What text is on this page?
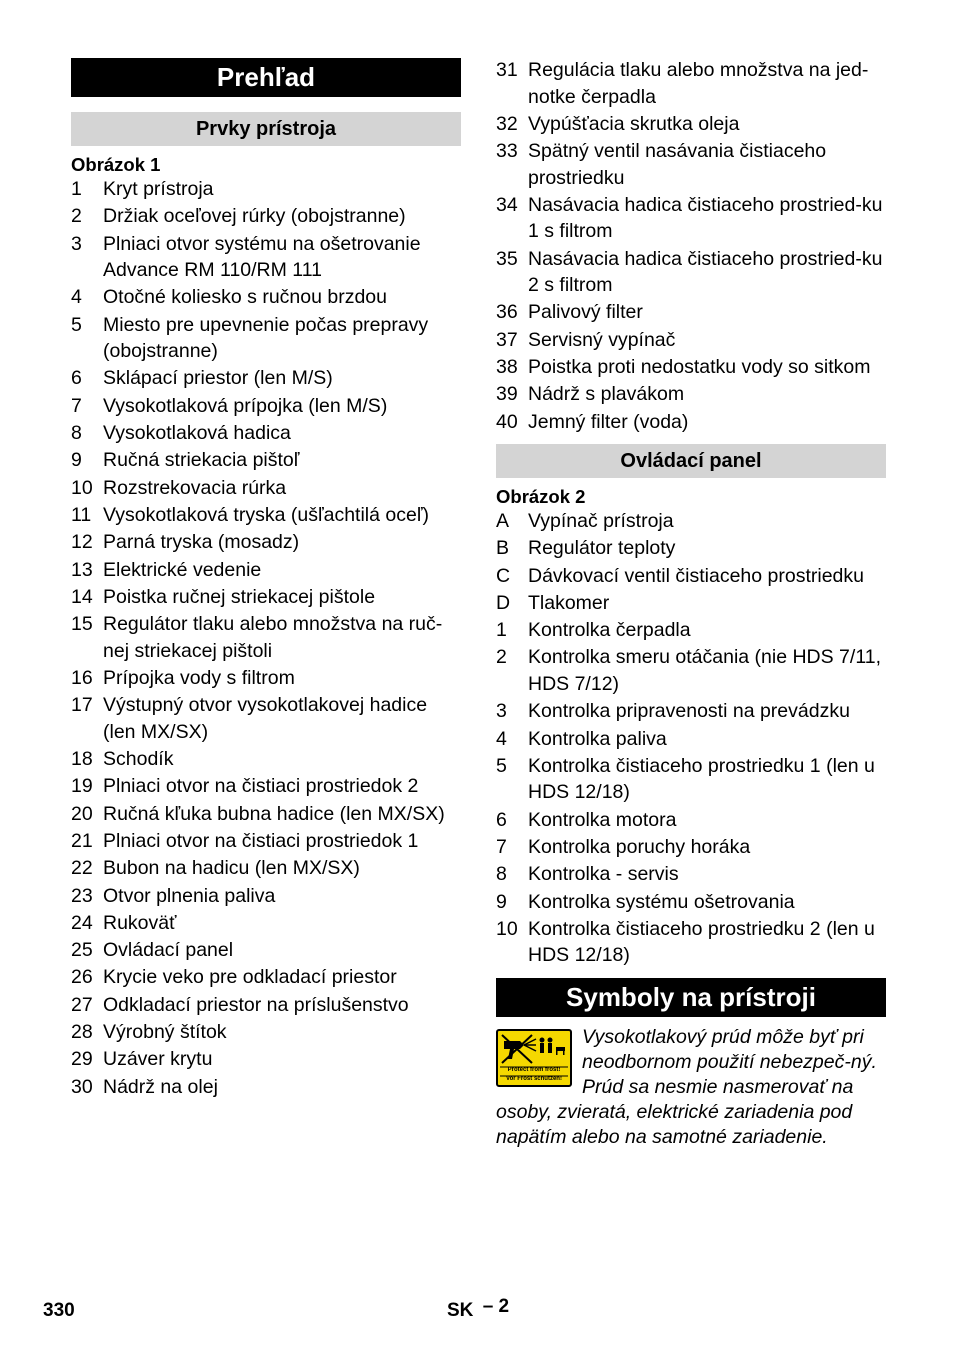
Prehľad
Prvky prístroja
Obrázok 1
1	Kryt prístroja
2	Držiak oceľovej rúrky (obojstranne)
3	Plniaci otvor systému na ošetrovanie Advance RM 110/RM 111
4	Otočné koliesko s ručnou brzdou
5	Miesto pre upevnenie počas prepravy (obojstranne)
6	Sklápací priestor (len M/S)
7	Vysokotlaková prípojka (len M/S)
8	Vysokotlaková hadica
9	Ručná striekacia pištoľ
10 Rozstrekovacia rúrka
11 Vysokotlaková tryska (ušľachtilá oceľ)
12 Parná tryska (mosadz)
13 Elektrické vedenie
14 Poistka ručnej striekacej pištole
15 Regulátor tlaku alebo množstva na ruč-nej striekacej pištoli
16 Prípojka vody s filtrom
17 Výstupný otvor vysokotlakovej hadice (len MX/SX)
18 Schodík
19 Plniaci otvor na čistiaci prostriedok 2
20 Ručná kľuka bubna hadice (len MX/SX)
21 Plniaci otvor na čistiaci prostriedok 1
22 Bubon na hadicu (len MX/SX)
23 Otvor plnenia paliva
24 Rukoväť
25 Ovládací panel
26 Krycie veko pre odkladací priestor
27 Odkladací priestor na príslušenstvo
28 Výrobný štítok
29 Uzáver krytu
30 Nádrž na olej
31 Regulácia tlaku alebo množstva na jed-notke čerpadla
32 Vypúšťacia skrutka oleja
33 Spätný ventil nasávania čistiaceho prostriedku
34 Nasávacia hadica čistiaceho prostried-ku 1 s filtrom
35 Nasávacia hadica čistiaceho prostried-ku 2 s filtrom
36 Palivový filter
37 Servisný vypínač
38 Poistka proti nedostatku vody so sitkom
39 Nádrž s plavákom
40 Jemný filter (voda)
Ovládací panel
Obrázok 2
A Vypínač prístroja
B Regulátor teploty
C Dávkovací ventil čistiaceho prostriedku
D Tlakomer
1	Kontrolka čerpadla
2	Kontrolka smeru otáčania (nie HDS 7/11, HDS 7/12)
3	Kontrolka pripravenosti na prevádzku
4	Kontrolka paliva
5	Kontrolka čistiaceho prostriedku 1 (len u HDS 12/18)
6	Kontrolka motora
7	Kontrolka poruchy horáka
8	Kontrolka - servis
9	Kontrolka systému ošetrovania
10 Kontrolka čistiaceho prostriedku 2 (len u HDS 12/18)
Symboly na prístroji
Protect from frost!
Vor Frost schützen!
Vysokotlakový prúd môže byť pri neodbornom použití nebezpeč-ný. Prúd sa nesmie nasmerovať na osoby, zvieratá, elektrické zariadenia pod napätím alebo na samotné zariadenie.
330	SK – 2
